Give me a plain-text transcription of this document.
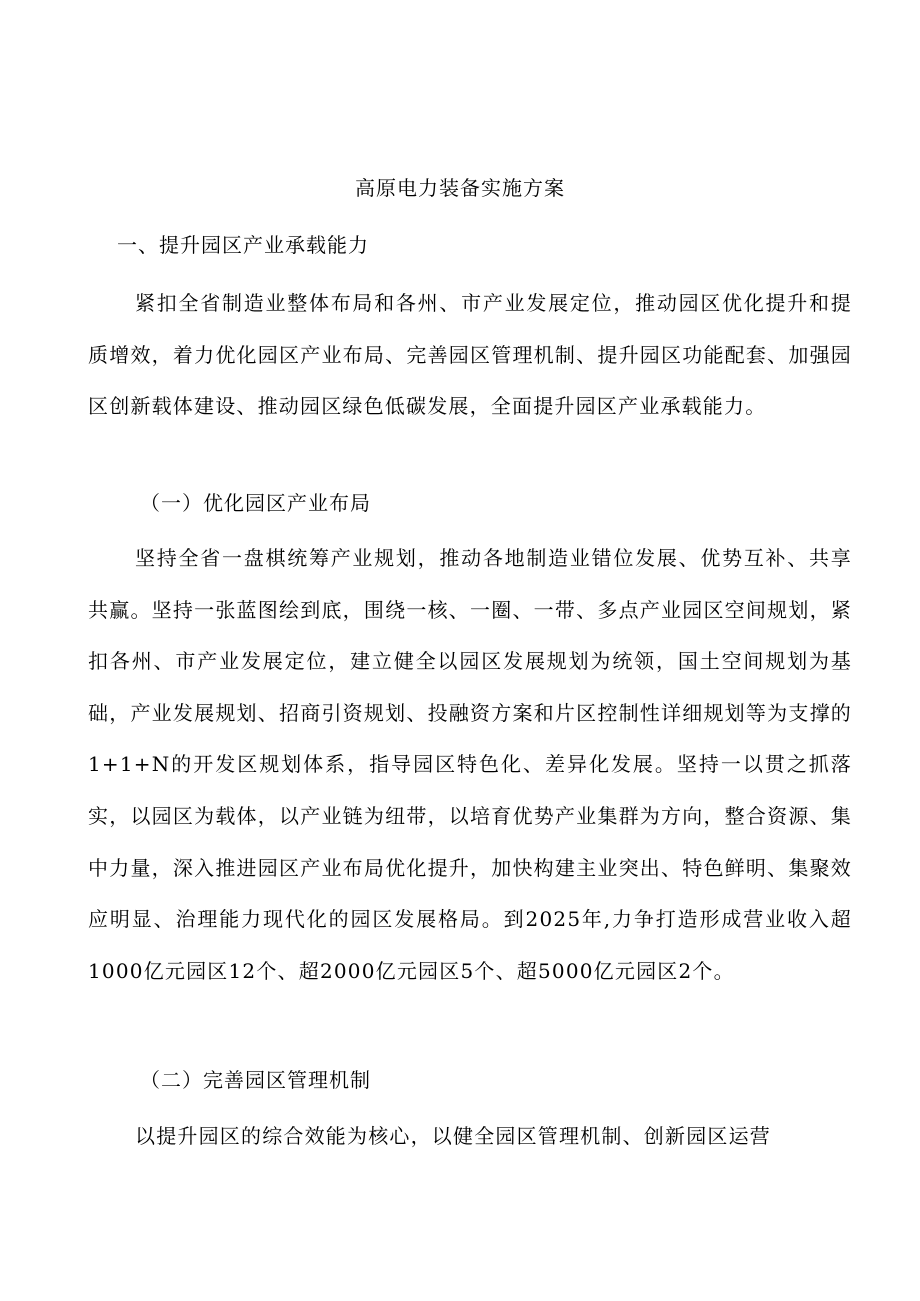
高原电力装备实施方案
一、提升园区产业承载能力
紧扣全省制造业整体布局和各州、市产业发展定位，推动园区优化提升和提质增效，着力优化园区产业布局、完善园区管理机制、提升园区功能配套、加强园区创新载体建设、推动园区绿色低碳发展，全面提升园区产业承载能力。
（一）优化园区产业布局
坚持全省一盘棋统筹产业规划，推动各地制造业错位发展、优势互补、共享共赢。坚持一张蓝图绘到底，围绕一核、一圈、一带、多点产业园区空间规划，紧扣各州、市产业发展定位，建立健全以园区发展规划为统领，国土空间规划为基础，产业发展规划、招商引资规划、投融资方案和片区控制性详细规划等为支撑的1+1+N的开发区规划体系，指导园区特色化、差异化发展。坚持一以贯之抓落实，以园区为载体，以产业链为纽带，以培育优势产业集群为方向，整合资源、集中力量，深入推进园区产业布局优化提升，加快构建主业突出、特色鲜明、集聚效应明显、治理能力现代化的园区发展格局。到2025年,力争打造形成营业收入超1000亿元园区12个、超2000亿元园区5个、超5000亿元园区2个。
（二）完善园区管理机制
以提升园区的综合效能为核心，以健全园区管理机制、创新园区运营
